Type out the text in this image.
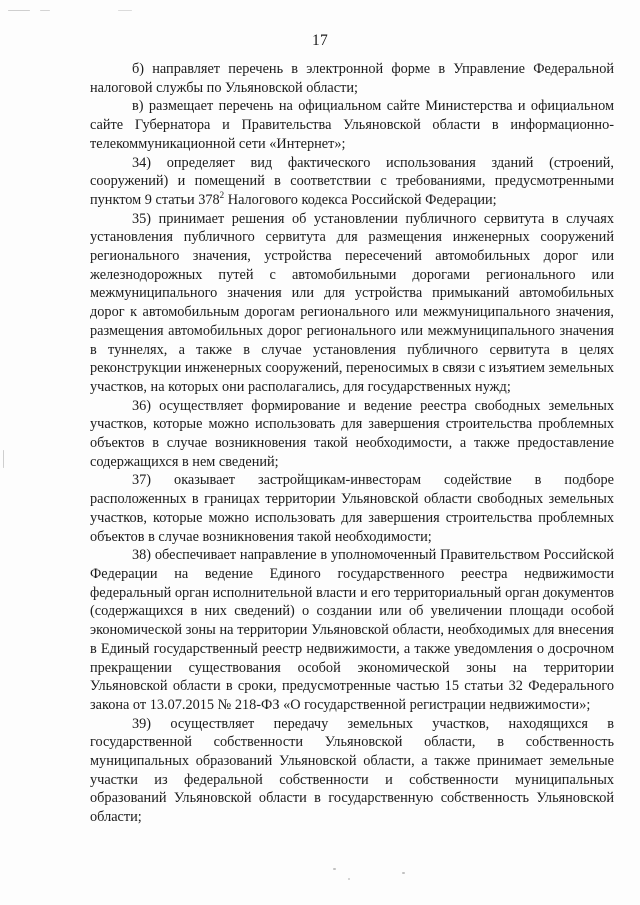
17

б) направляет перечень в электронной форме в Управление Федеральной налоговой службы по Ульяновской области;

в) размещает перечень на официальном сайте Министерства и официальном сайте Губернатора и Правительства Ульяновской области в информационно-телекоммуникационной сети «Интернет»;

34) определяет вид фактического использования зданий (строений, сооружений) и помещений в соответствии с требованиями, предусмотренными пунктом 9 статьи $378^2$ Налогового кодекса Российской Федерации;

35) принимает решения об установлении публичного сервитута в случаях установления публичного сервитута для размещения инженерных сооружений регионального значения, устройства пересечений автомобильных дорог или железнодорожных путей с автомобильными дорогами регионального или межмуниципального значения или для устройства примыканий автомобильных дорог к автомобильным дорогам регионального или межмуниципального значения, размещения автомобильных дорог регионального или межмуниципального значения в туннелях, а также в случае установления публичного сервитута в целях реконструкции инженерных сооружений, переносимых в связи с изъятием земельных участков, на которых они располагались, для государственных нужд;

36) осуществляет формирование и ведение реестра свободных земельных участков, которые можно использовать для завершения строительства проблемных объектов в случае возникновения такой необходимости, а также предоставление содержащихся в нем сведений;

37) оказывает застройщикам-инвесторам содействие в подборе расположенных в границах территории Ульяновской области свободных земельных участков, которые можно использовать для завершения строительства проблемных объектов в случае возникновения такой необходимости;

38) обеспечивает направление в уполномоченный Правительством Российской Федерации на ведение Единого государственного реестра недвижимости федеральный орган исполнительной власти и его территориальный орган документов (содержащихся в них сведений) о создании или об увеличении площади особой экономической зоны на территории Ульяновской области, необходимых для внесения в Единый государственный реестр недвижимости, а также уведомления о досрочном прекращении существования особой экономической зоны на территории Ульяновской области в сроки, предусмотренные частью 15 статьи 32 Федерального закона от 13.07.2015 № 218-ФЗ «О государственной регистрации недвижимости»;

39) осуществляет передачу земельных участков, находящихся в государственной собственности Ульяновской области, в собственность муниципальных образований Ульяновской области, а также принимает земельные участки из федеральной собственности и собственности муниципальных образований Ульяновской области в государственную собственность Ульяновской области;
